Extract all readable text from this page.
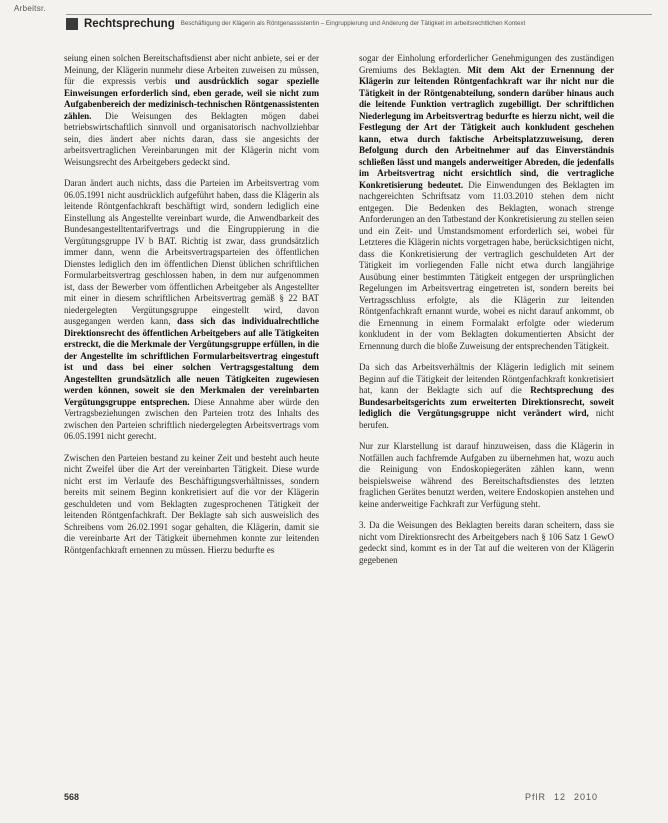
Arbeitsr.
Rechtsprechung Beschäftigung der Klägerin als Röntgenassistentin – Eingruppierung und Änderung der Tätigkeit im arbeitsrechtlichen Kontext

seiung einen solchen Bereitschaftsdienst aber nicht anbiete, sei er der Meinung, der Klägerin nunmehr diese Arbeiten zuweisen zu müssen, für die expressis verbis und ausdrücklich sogar spezielle Einweisungen erforderlich sind, eben gerade, weil sie nicht zum Aufgabenbereich der medizinisch-technischen Röntgenassistenten zählen. Die Weisungen des Beklagten mögen dabei betriebswirtschaftlich sinnvoll und organisatorisch nachvollziehbar sein, dies ändert aber nichts daran, dass sie angesichts der arbeitsvertraglichen Vereinbarungen mit der Klägerin nicht vom Weisungsrecht des Arbeitgebers gedeckt sind.

Daran ändert auch nichts, dass die Parteien im Arbeitsvertrag vom 06.05.1991 nicht ausdrücklich aufgeführt haben, dass die Klägerin als leitende Röntgenfachkraft beschäftigt wird, sondern lediglich eine Einstellung als Angestellte vereinbart wurde, die Anwendbarkeit des Bundesangestelltentarifvertrags und die Eingruppierung in die Vergütungsgruppe IV b BAT. Richtig ist zwar, dass grundsätzlich immer dann, wenn die Arbeitsvertragsparteien des öffentlichen Dienstes lediglich den im öffentlichen Dienst üblichen schriftlichen Formularbeitsvertrag geschlossen haben, in dem nur aufgenommen ist, dass der Bewerber vom öffentlichen Arbeitgeber als Angestellter mit einer in diesem schriftlichen Arbeitsvertrag gemäß § 22 BAT niedergelegten Vergütungsgruppe eingestellt wird, davon ausgegangen werden kann, dass sich das individualrechtliche Direktionsrecht des öffentlichen Arbeitgebers auf alle Tätigkeiten erstreckt, die die Merkmale der Vergütungsgruppe erfüllen, in die der Angestellte im schriftlichen Formularbeitsvertrag eingestuft ist und dass bei einer solchen Vertragsgestaltung dem Angestellten grundsätzlich alle neuen Tätigkeiten zugewiesen werden können, soweit sie den Merkmalen der vereinbarten Vergütungsgruppe entsprechen. Diese Annahme aber würde den Vertragsbeziehungen zwischen den Parteien trotz des Inhalts des zwischen den Parteien schriftlich niedergelegten Arbeitsvertrags vom 06.05.1991 nicht gerecht.

Zwischen den Parteien bestand zu keiner Zeit und besteht auch heute nicht Zweifel über die Art der vereinbarten Tätigkeit. Diese wurde nicht erst im Verlaufe des Beschäftigungsverhältnisses, sondern bereits mit seinem Beginn konkretisiert auf die vor der Klägerin geschuldeten und vom Beklagten zugesprochenen Tätigkeit der leitenden Röntgenfachkraft. Der Beklagte sah sich ausweislich des Schreibens vom 26.02.1991 sogar gehalten, die Klägerin, damit sie die vereinbarte Art der Tätigkeit übernehmen konnte zur leitenden Röntgenfachkraft ernennen zu müssen. Hierzu bedurfte es

sogar der Einholung erforderlicher Genehmigungen des zuständigen Gremiums des Beklagten. Mit dem Akt der Ernennung der Klägerin zur leitenden Röntgenfachkraft war ihr nicht nur die Tätigkeit in der Röntgenabteilung, sondern darüber hinaus auch die leitende Funktion vertraglich zugebilligt. Der schriftlichen Niederlegung im Arbeitsvertrag bedurfte es hierzu nicht, weil die Festlegung der Art der Tätigkeit auch konkludent geschehen kann, etwa durch faktische Arbeitsplatzzuweisung, deren Befolgung durch den Arbeitnehmer auf das Einverständnis schließen lässt und mangels anderweitiger Abreden, die jedenfalls im Arbeitsvertrag nicht ersichtlich sind, die vertragliche Konkretisierung bedeutet. Die Einwendungen des Beklagten im nachgereichten Schriftsatz vom 11.03.2010 stehen dem nicht entgegen. Die Bedenken des Beklagten, wonach strenge Anforderungen an den Tatbestand der Konkretisierung zu stellen seien und ein Zeit- und Umstandsmoment erforderlich sei, wobei für Letzteres die Klägerin nichts vorgetragen habe, berücksichtigen nicht, dass die Konkretisierung der vertraglich geschuldeten Art der Tätigkeit im vorliegenden Falle nicht etwa durch langjährige Ausübung einer bestimmten Tätigkeit entgegen der ursprünglichen Regelungen im Arbeitsvertrag eingetreten ist, sondern bereits bei Vertragsschluss erfolgte, als die Klägerin zur leitenden Röntgenfachkraft ernannt wurde, wobei es nicht darauf ankommt, ob die Ernennung in einem Formalakt erfolgte oder wiederum konkludent in der vom Beklagten dokumentierten Absicht der Ernennung durch die bloße Zuweisung der entsprechenden Tätigkeit.

Da sich das Arbeitsverhältnis der Klägerin lediglich mit seinem Beginn auf die Tätigkeit der leitenden Röntgenfachkraft konkretisiert hat, kann der Beklagte sich auf die Rechtsprechung des Bundesarbeitsgerichts zum erweiterten Direktionsrecht, soweit lediglich die Vergütungsgruppe nicht verändert wird, nicht berufen.

Nur zur Klarstellung ist darauf hinzuweisen, dass die Klägerin in Notfällen auch fachfremde Aufgaben zu übernehmen hat, wozu auch die Reinigung von Endoskopiegeräten zählen kann, wenn beispielsweise während des Bereitschaftsdienstes des letzten fraglichen Gerätes benutzt werden, weitere Endoskopien anstehen und keine anderweitige Fachkraft zur Verfügung steht.

3. Da die Weisungen des Beklagten bereits daran scheitern, dass sie nicht vom Direktionsrecht des Arbeitgebers nach § 106 Satz 1 GewO gedeckt sind, kommt es in der Tat auf die weiteren von der Klägerin gegebenen

568	PflR 12 2010
